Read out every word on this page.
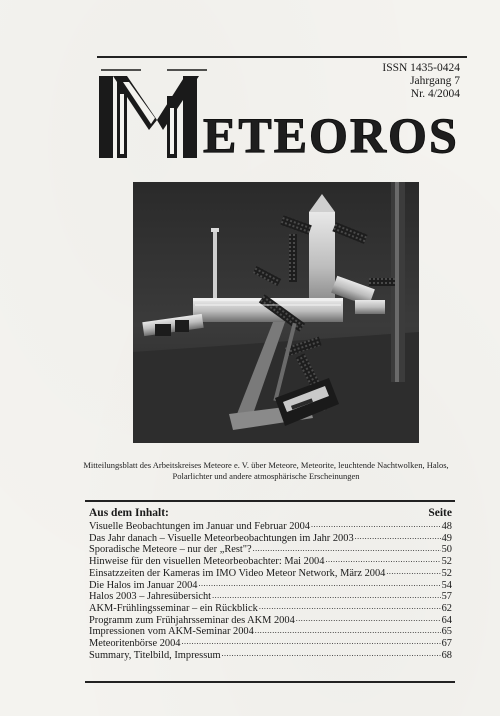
ISSN 1435-0424
Jahrgang 7
Nr. 4/2004
ETEOROS
Mitteilungsblatt des Arbeitskreises Meteore e. V. über Meteore, Meteorite, leuchtende Nachtwolken, Halos,
Polarlichter und andere atmosphärische Erscheinungen
Aus dem Inhalt:	Seite
Visuelle Beobachtungen im Januar und Februar 2004 .....	48
Das Jahr danach – Visuelle Meteorbeobachtungen im Jahr 2003 .....	49
Sporadische Meteore – nur der „Rest"? .....	50
Hinweise für den visuellen Meteorbeobachter: Mai 2004 .....	52
Einsatzzeiten der Kameras im IMO Video Meteor Network, März 2004 .....	52
Die Halos im Januar 2004 .....	54
Halos 2003 – Jahresübersicht .....	57
AKM-Frühlingsseminar – ein Rückblick .....	62
Programm zum Frühjahrsseminar des AKM 2004 .....	64
Impressionen vom AKM-Seminar 2004 .....	65
Meteoritenbörse 2004 .....	67
Summary, Titelbild, Impressum .....	68
